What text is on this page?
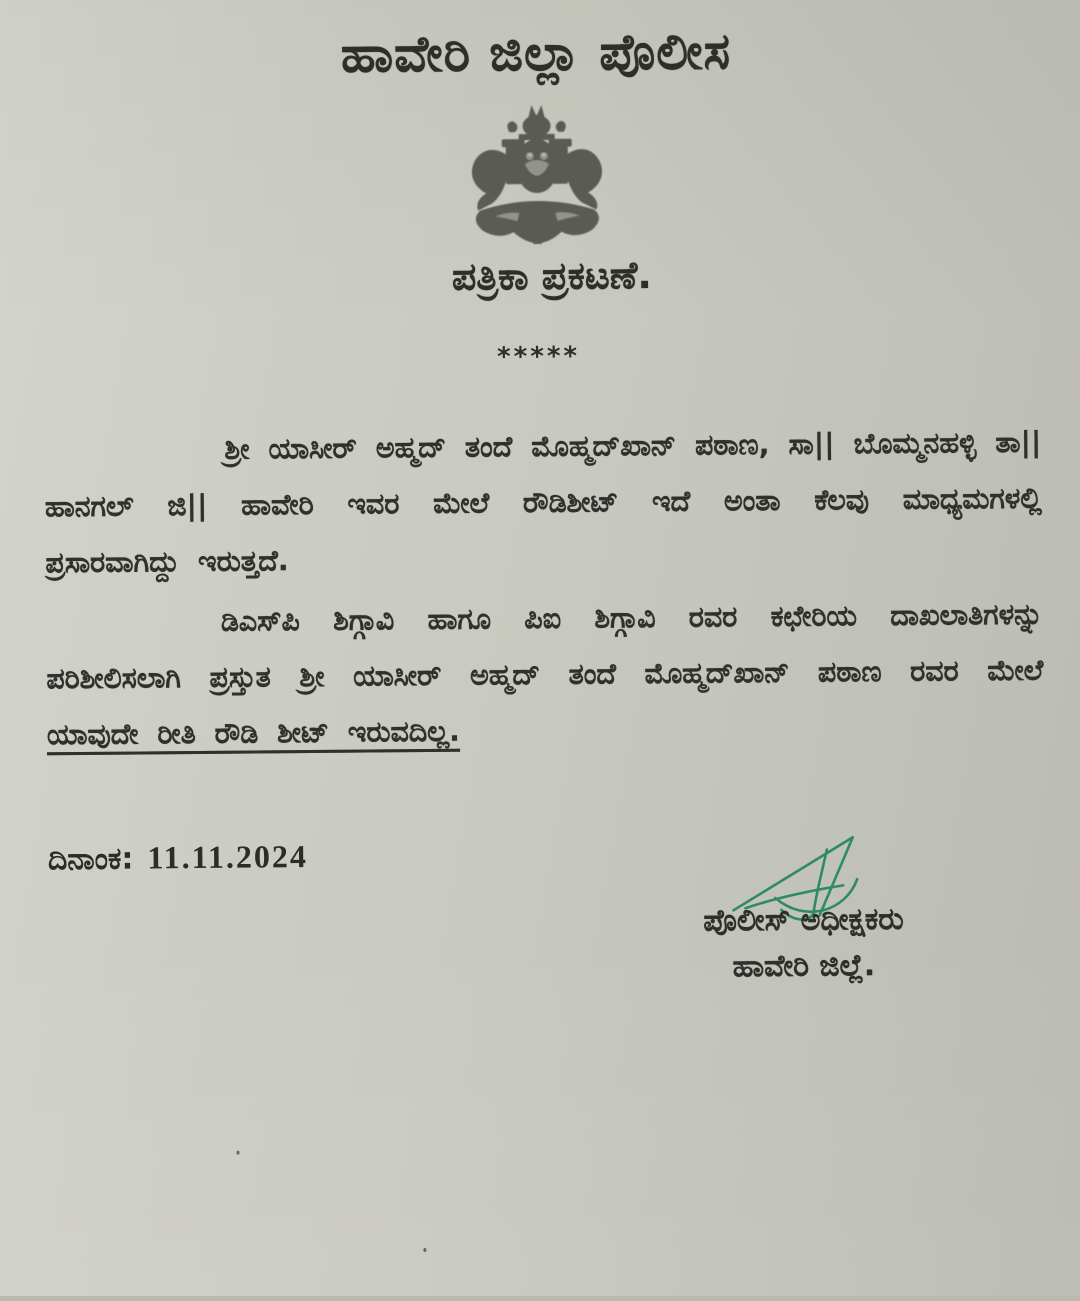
ಹಾವೇರಿ ಜಿಲ್ಲಾ ಪೊಲೀಸ
ಪತ್ರಿಕಾ ಪ್ರಕಟಣೆ.
*****

ಶ್ರೀ ಯಾಸೀರ್ ಅಹ್ಮದ್ ತಂದೆ ಮೊಹ್ಮದ್‌ಖಾನ್ ಪಠಾಣ, ಸಾ|| ಬೊಮ್ಮನಹಳ್ಳಿ ತಾ|| ಹಾನಗಲ್ ಜಿ|| ಹಾವೇರಿ ಇವರ ಮೇಲೆ ರೌಡಿಶೀಟ್ ಇದೆ ಅಂತಾ ಕೆಲವು ಮಾಧ್ಯಮಗಳಲ್ಲಿ ಪ್ರಸಾರವಾಗಿದ್ದು ಇರುತ್ತದೆ.

ಡಿಎಸ್‌ಪಿ ಶಿಗ್ಗಾವಿ ಹಾಗೂ ಪಿಐ ಶಿಗ್ಗಾವಿ ರವರ ಕಛೇರಿಯ ದಾಖಲಾತಿಗಳನ್ನು ಪರಿಶೀಲಿಸಲಾಗಿ ಪ್ರಸ್ತುತ ಶ್ರೀ ಯಾಸೀರ್ ಅಹ್ಮದ್ ತಂದೆ ಮೊಹ್ಮದ್‌ಖಾನ್ ಪಠಾಣ ರವರ ಮೇಲೆ ಯಾವುದೇ ರೀತಿ ರೌಡಿ ಶೀಟ್ ಇರುವದಿಲ್ಲ.

ದಿನಾಂಕ: 11.11.2024
ಪೊಲೀಸ್ ಅಧೀಕ್ಷಕರು
ಹಾವೇರಿ ಜಿಲ್ಲೆ.
